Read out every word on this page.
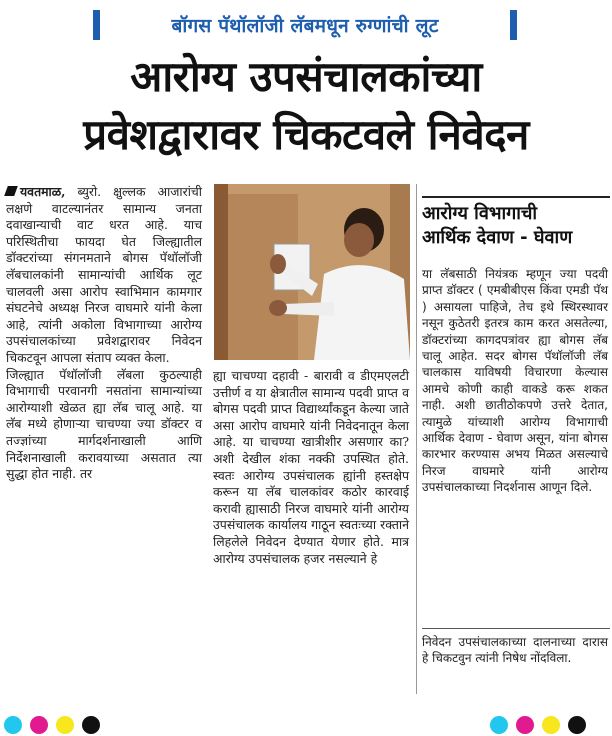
बॉगस पॅथॉलॉजी लॅबमधून रुग्णांची लूट
आरोग्य उपसंचालकांच्या
प्रवेशद्वारावर चिकटवले निवेदन

यवतमाळ, ब्युरो. क्षुल्लक आजारांची लक्षणे वाटल्यानंतर सामान्य जनता दवाखान्याची वाट धरत आहे. याच परिस्थितीचा फायदा घेत जिल्ह्यातील डॉक्टरांच्या संगनमताने बोगस पॅथॉलॉजी लॅबचालकांनी सामान्यांची आर्थिक लूट चालवली असा आरोप स्वाभिमान कामगार संघटनेचे अध्यक्ष निरज वाघमारे यांनी केला आहे, त्यांनी अकोला विभागाच्या आरोग्य उपसंचालकांच्या प्रवेशद्वारावर निवेदन चिकटवून आपला संताप व्यक्त केला.

जिल्ह्यात पॅथॉलॉजी लॅबला कुठल्याही विभागाची परवानगी नसतांना सामान्यांच्या आरोग्याशी खेळत ह्या लॅब चालू आहे. या लॅब मध्ये होणाऱ्या चाचण्या ज्या डॉक्टर व तज्ज्ञांच्या मार्गदर्शनाखाली आणि निर्देशनाखाली करावयाच्या असतात त्या सुद्धा होत नाही. तर

ह्या चाचण्या दहावी - बारावी व डीएमएलटी उत्तीर्ण व या क्षेत्रातील सामान्य पदवी प्राप्त व बोगस पदवी प्राप्त विद्यार्थ्यांकडून केल्या जाते असा आरोप वाघमारे यांनी निवेदनातून केला आहे. या चाचण्या खात्रीशीर असणार का? अशी देखील शंका नक्की उपस्थित होते. स्वतः आरोग्य उपसंचालक ह्यांनी हस्तक्षेप करून या लॅब चालकांवर कठोर कारवाई करावी ह्यासाठी निरज वाघमारे यांनी आरोग्य उपसंचालक कार्यालय गाठून स्वतःच्या रक्ताने लिहलेले निवेदन देण्यात येणार होते. मात्र आरोग्य उपसंचालक हजर नसल्याने हे

आरोग्य विभागाची
आर्थिक देवाण - घेवाण

या लॅबसाठी नियंत्रक म्हणून ज्या पदवी प्राप्त डॉक्टर ( एमबीबीएस किंवा एमडी पॅथ ) असायला पाहिजे, तेच इथे स्थिरस्थावर नसून कुठेतरी इतरत्र काम करत असतेल्या, डॉक्टरांच्या कागदपत्रांवर ह्या बोगस लॅब चालू आहेत. सदर बोगस पॅथॉलॉजी लॅब चालकास याविषयी विचारणा केल्यास आमचे कोणी काही वाकडे करू शकत नाही. अशी छातीठोकपणे उत्तरे देतात, त्यामुळे यांच्याशी आरोग्य विभागाची आर्थिक देवाण - घेवाण असून, यांना बोगस कारभार करण्यास अभय मिळत असल्याचे निरज वाघमारे यांनी आरोग्य उपसंचालकाच्या निदर्शनास आणून दिले.

निवेदन उपसंचालकाच्या दालनाच्या दारास हे चिकटवुन त्यांनी निषेध नोंदविला.
